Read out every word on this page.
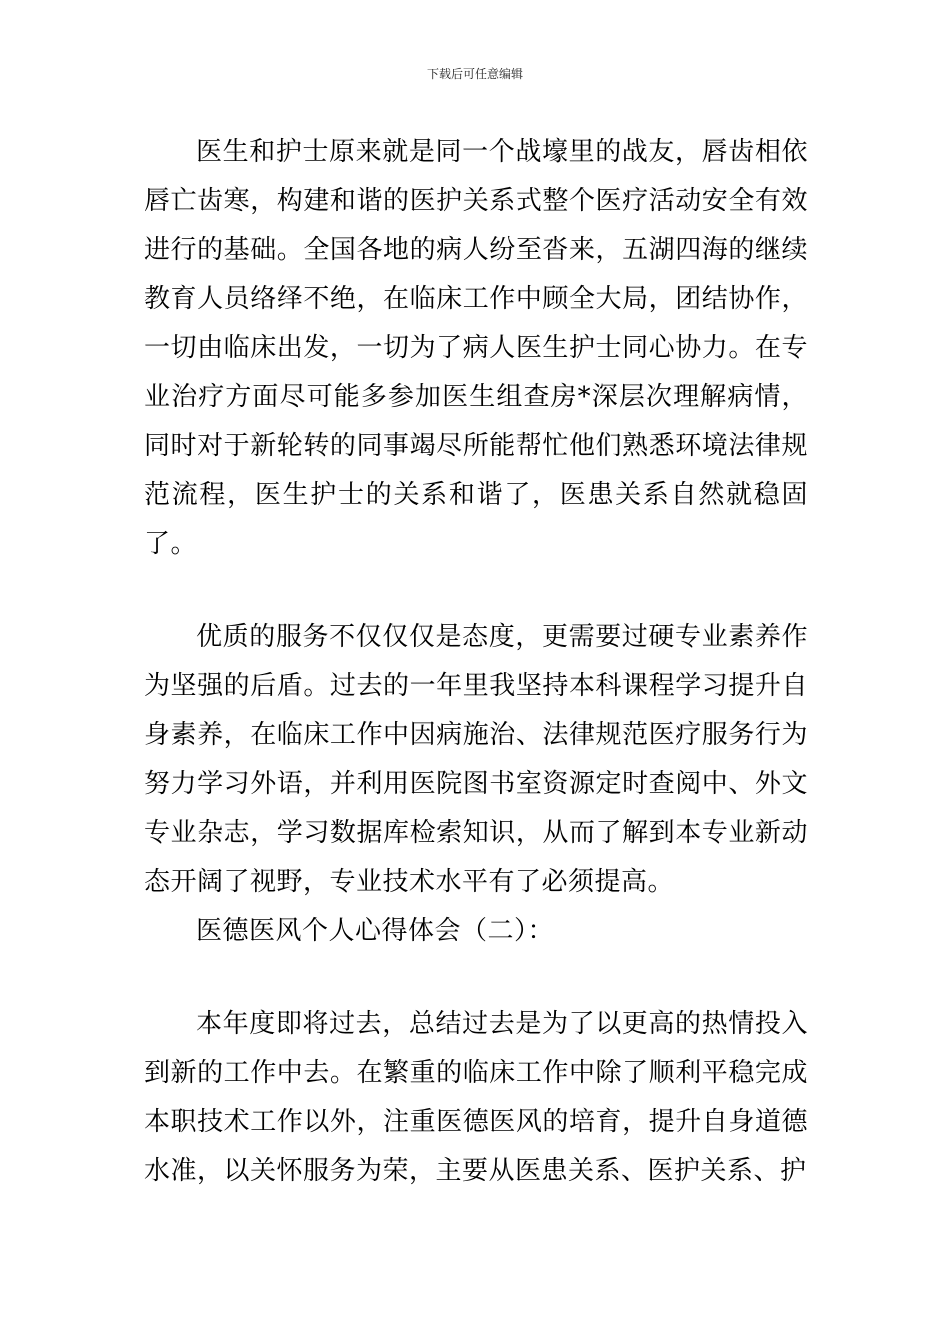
下载后可任意编辑

医生和护士原来就是同一个战壕里的战友，唇齿相依唇亡齿寒，构建和谐的医护关系式整个医疗活动安全有效进行的基础。全国各地的病人纷至沓来，五湖四海的继续教育人员络绎不绝，在临床工作中顾全大局，团结协作，一切由临床出发，一切为了病人医生护士同心协力。在专业治疗方面尽可能多参加医生组查房*深层次理解病情，同时对于新轮转的同事竭尽所能帮忙他们熟悉环境法律规范流程，医生护士的关系和谐了，医患关系自然就稳固了。

优质的服务不仅仅仅是态度，更需要过硬专业素养作为坚强的后盾。过去的一年里我坚持本科课程学习提升自身素养，在临床工作中因病施治、法律规范医疗服务行为努力学习外语，并利用医院图书室资源定时查阅中、外文专业杂志，学习数据库检索知识，从而了解到本专业新动态开阔了视野，专业技术水平有了必须提高。

医德医风个人心得体会（二）：

本年度即将过去，总结过去是为了以更高的热情投入到新的工作中去。在繁重的临床工作中除了顺利平稳完成本职技术工作以外，注重医德医风的培育，提升自身道德水准，以关怀服务为荣，主要从医患关系、医护关系、护
